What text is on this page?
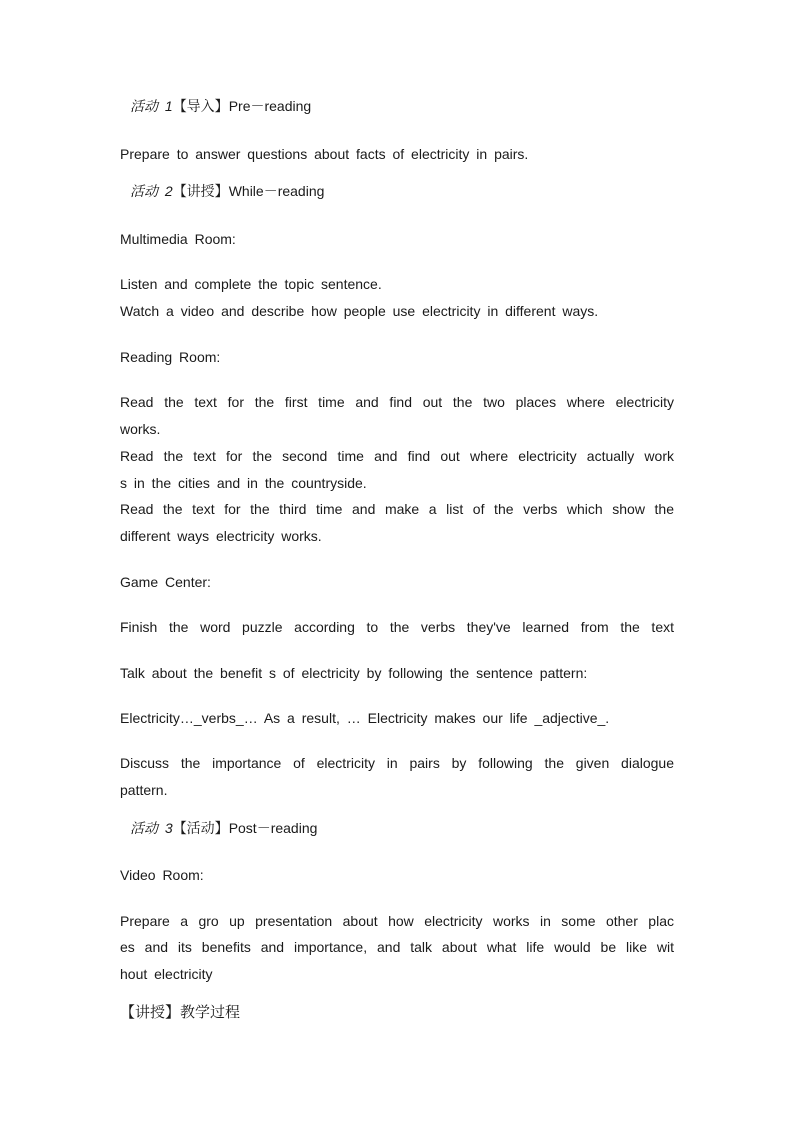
活动 1【导入】Pre－reading
Prepare to answer questions about facts of electricity in pairs.
活动 2【讲授】While－reading
Multimedia Room:
Listen and complete the topic sentence.
Watch a video and describe how people use electricity in different ways.
Reading Room:
Read the text for the first time and find out the two places where electricity
works.
Read the text for the second time and find out where electricity actually work
s in the cities and in the countryside.
Read the text for the third time and make a list of the verbs which show the
different ways electricity works.
Game Center:
Finish the word puzzle according to the verbs they've learned from the text
Talk about the benefit s of electricity by following the sentence pattern:
Electricity…_verbs_… As a result, … Electricity makes our life _adjective_.
Discuss the importance of electricity in pairs by following the given dialogue
pattern.
活动 3【活动】Post－reading
Video Room:
Prepare a gro up presentation about how electricity works in some other plac
es and its benefits and importance, and talk about what life would be like wit
hout electricity
【讲授】教学过程
